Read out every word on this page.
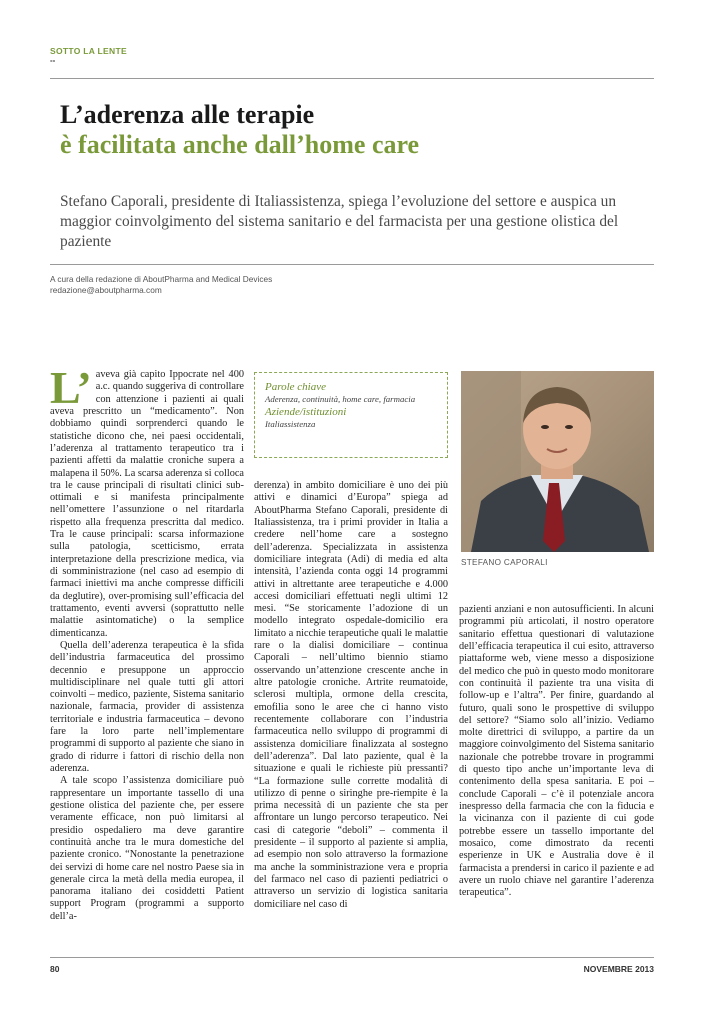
SOTTO LA LENTE
--
L’aderenza alle terapie
è facilitata anche dall’home care

Stefano Caporali, presidente di Italiassistenza, spiega l’evoluzione del settore e auspica un maggior coinvolgimento del sistema sanitario e del farmacista per una gestione olistica del paziente

A cura della redazione di AboutPharma and Medical Devices
redazione@aboutpharma.com

L’ aveva già capito Ippocrate nel 400 a.c. quando suggeriva di controllare con attenzione i pazienti ai quali aveva prescritto un “medicamento”. Non dobbiamo quindi sorprenderci quando le statistiche dicono che, nei paesi occidentali, l’aderenza al trattamento terapeutico tra i pazienti affetti da malattie croniche supera a malapena il 50%. La scarsa aderenza si colloca tra le cause principali di risultati clinici sub-ottimali e si manifesta principalmente nell’omettere l’assunzione o nel ritardarla rispetto alla frequenza prescritta dal medico. Tra le cause principali: scarsa informazione sulla patologia, scetticismo, errata interpretazione della prescrizione medica, via di somministrazione (nel caso ad esempio di farmaci iniettivi ma anche compresse difficili da deglutire), over-promising sull’efficacia del trattamento, eventi avversi (soprattutto nelle malattie asintomatiche) o la semplice dimenticanza.

Quella dell’aderenza terapeutica è la sfida dell’industria farmaceutica del prossimo decennio e presuppone un approccio multidisciplinare nel quale tutti gli attori coinvolti – medico, paziente, Sistema sanitario nazionale, farmacia, provider di assistenza territoriale e industria farmaceutica – devono fare la loro parte nell’implementare programmi di supporto al paziente che siano in grado di ridurre i fattori di rischio della non aderenza.

A tale scopo l’assistenza domiciliare può rappresentare un importante tassello di una gestione olistica del paziente che, per essere veramente efficace, non può limitarsi al presidio ospedaliero ma deve garantire continuità anche tra le mura domestiche del paziente cronico. “Nonostante la penetrazione dei servizi di home care nel nostro Paese sia in generale circa la metà della media europea, il panorama italiano dei cosiddetti Patient support Program (programmi a supporto dell’a-

Parole chiave
Aderenza, continuità, home care, farmacia
Aziende/istituzioni
Italiassistenza

derenza) in ambito domiciliare è uno dei più attivi e dinamici d’Europa” spiega ad AboutPharma Stefano Caporali, presidente di Italiassistenza, tra i primi provider in Italia a credere nell’home care a sostegno dell’aderenza. Specializzata in assistenza domiciliare integrata (Adi) di media ed alta intensità, l’azienda conta oggi 14 programmi attivi in altrettante aree terapeutiche e 4.000 accesi domiciliari effettuati negli ultimi 12 mesi. “Se storicamente l’adozione di un modello integrato ospedale-domicilio era limitato a nicchie terapeutiche quali le malattie rare o la dialisi domiciliare – continua Caporali – nell’ultimo biennio stiamo osservando un’attenzione crescente anche in altre patologie croniche. Artrite reumatoide, sclerosi multipla, ormone della crescita, emofilia sono le aree che ci hanno visto recentemente collaborare con l’industria farmaceutica nello sviluppo di programmi di assistenza domiciliare finalizzata al sostegno dell’aderenza”. Dal lato paziente, qual è la situazione e quali le richieste più pressanti? “La formazione sulle corrette modalità di utilizzo di penne o siringhe pre-riempite è la prima necessità di un paziente che sta per affrontare un lungo percorso terapeutico. Nei casi di categorie “deboli” – commenta il presidente – il supporto al paziente si amplia, ad esempio non solo attraverso la formazione ma anche la somministrazione vera e propria del farmaco nel caso di pazienti pediatrici o attraverso un servizio di logistica sanitaria domiciliare nel caso di

STEFANO CAPORALI

pazienti anziani e non autosufficienti. In alcuni programmi più articolati, il nostro operatore sanitario effettua questionari di valutazione dell’efficacia terapeutica il cui esito, attraverso piattaforme web, viene messo a disposizione del medico che può in questo modo monitorare con continuità il paziente tra una visita di follow-up e l’altra”. Per finire, guardando al futuro, quali sono le prospettive di sviluppo del settore? “Siamo solo all’inizio. Vediamo molte direttrici di sviluppo, a partire da un maggiore coinvolgimento del Sistema sanitario nazionale che potrebbe trovare in programmi di questo tipo anche un’importante leva di contenimento della spesa sanitaria. E poi – conclude Caporali – c’è il potenziale ancora inespresso della farmacia che con la fiducia e la vicinanza con il paziente di cui gode potrebbe essere un tassello importante del mosaico, come dimostrato da recenti esperienze in UK e Australia dove è il farmacista a prendersi in carico il paziente e ad avere un ruolo chiave nel garantire l’aderenza terapeutica”.

80	NOVEMBRE 2013
